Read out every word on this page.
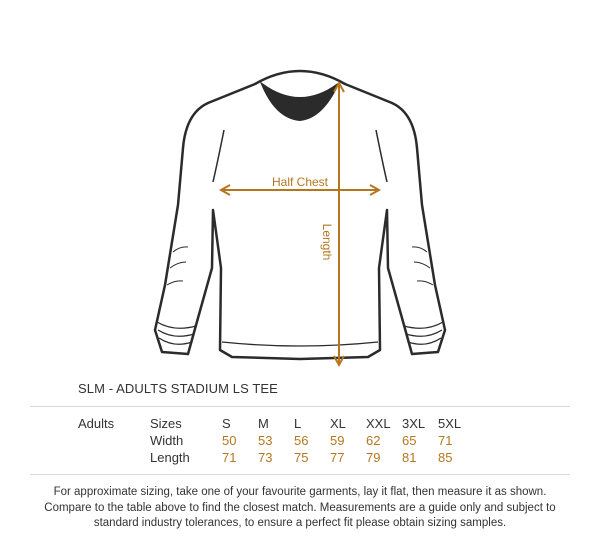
Half Chest
Length
SLM - ADULTS STADIUM LS TEE
Adults	Sizes	S	M	L	XL	XXL	3XL	5XL
	Width	50	53	56	59	62	65	71
	Length	71	73	75	77	79	81	85
For approximate sizing, take one of your favourite garments, lay it flat, then measure it as shown.
Compare to the table above to find the closest match. Measurements are a guide only and subject to
standard industry tolerances, to ensure a perfect fit please obtain sizing samples.
